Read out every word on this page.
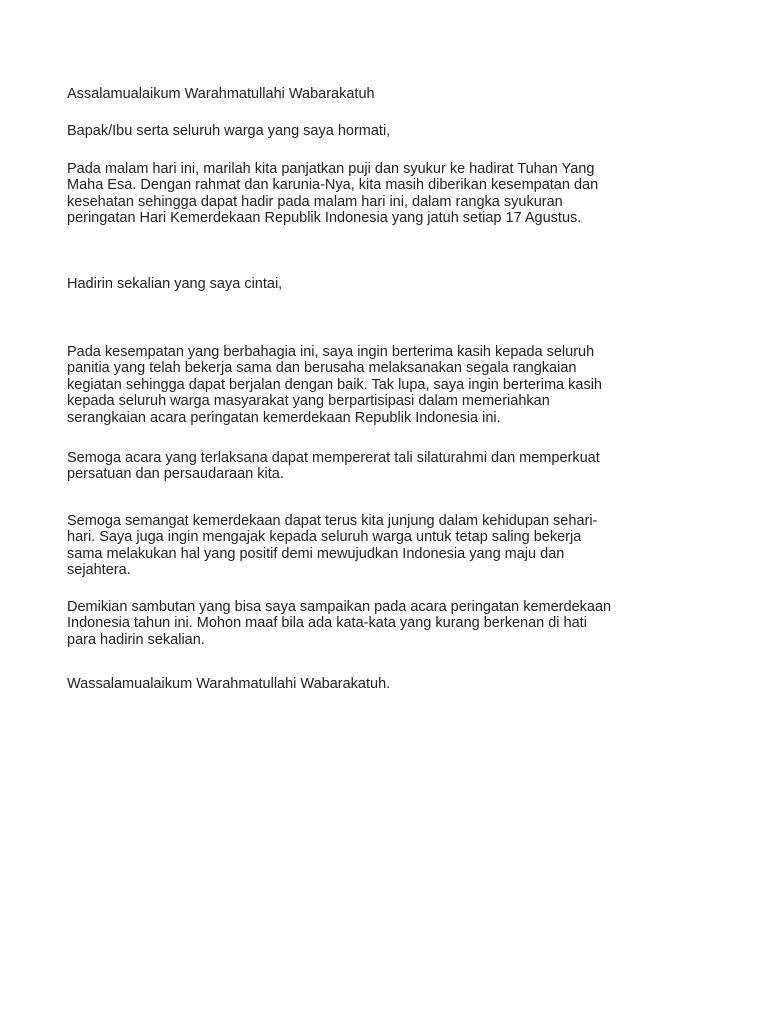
Assalamualaikum Warahmatullahi Wabarakatuh

Bapak/Ibu serta seluruh warga yang saya hormati,

Pada malam hari ini, marilah kita panjatkan puji dan syukur ke hadirat Tuhan Yang
Maha Esa. Dengan rahmat dan karunia-Nya, kita masih diberikan kesempatan dan
kesehatan sehingga dapat hadir pada malam hari ini, dalam rangka syukuran
peringatan Hari Kemerdekaan Republik Indonesia yang jatuh setiap 17 Agustus.

Hadirin sekalian yang saya cintai,

Pada kesempatan yang berbahagia ini, saya ingin berterima kasih kepada seluruh
panitia yang telah bekerja sama dan berusaha melaksanakan segala rangkaian
kegiatan sehingga dapat berjalan dengan baik. Tak lupa, saya ingin berterima kasih
kepada seluruh warga masyarakat yang berpartisipasi dalam memeriahkan
serangkaian acara peringatan kemerdekaan Republik Indonesia ini.

Semoga acara yang terlaksana dapat mempererat tali silaturahmi dan memperkuat
persatuan dan persaudaraan kita.

Semoga semangat kemerdekaan dapat terus kita junjung dalam kehidupan sehari-
hari. Saya juga ingin mengajak kepada seluruh warga untuk tetap saling bekerja
sama melakukan hal yang positif demi mewujudkan Indonesia yang maju dan
sejahtera.

Demikian sambutan yang bisa saya sampaikan pada acara peringatan kemerdekaan
Indonesia tahun ini. Mohon maaf bila ada kata-kata yang kurang berkenan di hati
para hadirin sekalian.

Wassalamualaikum Warahmatullahi Wabarakatuh.
